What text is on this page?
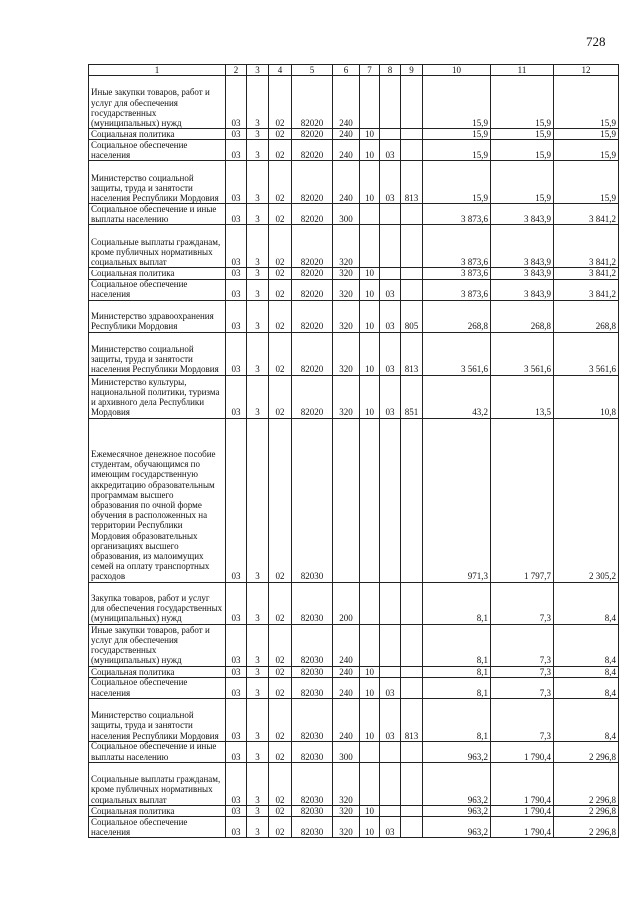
728
1	2	3	4	5	6	7	8	9	10	11	12

Иные закупки товаров, работ и услуг для обеспечения государственных (муниципальных) нужд	03	3	02	82020	240				15,9	15,9	15,9

Социальная политика	03	3	02	82020	240	10			15,9	15,9	15,9

Социальное обеспечение населения	03	3	02	82020	240	10	03		15,9	15,9	15,9

Министерство социальной защиты, труда и занятости населения Республики Мордовия	03	3	02	82020	240	10	03	813	15,9	15,9	15,9

Социальное обеспечение и иные выплаты населению	03	3	02	82020	300				3 873,6	3 843,9	3 841,2

Социальные выплаты гражданам, кроме публичных нормативных социальных выплат	03	3	02	82020	320				3 873,6	3 843,9	3 841,2

Социальная политика	03	3	02	82020	320	10			3 873,6	3 843,9	3 841,2

Социальное обеспечение населения	03	3	02	82020	320	10	03		3 873,6	3 843,9	3 841,2

Министерство здравоохранения Республики Мордовия	03	3	02	82020	320	10	03	805	268,8	268,8	268,8

Министерство социальной защиты, труда и занятости населения Республики Мордовия	03	3	02	82020	320	10	03	813	3 561,6	3 561,6	3 561,6

Министерство культуры, национальной политики, туризма и архивного дела Республики Мордовия	03	3	02	82020	320	10	03	851	43,2	13,5	10,8

Ежемесячное денежное пособие студентам, обучающимся по имеющим государственную аккредитацию образовательным программам высшего образования по очной форме обучения в расположенных на территории Республики Мордовия образовательных организациях высшего образования, из малоимущих семей на оплату транспортных расходов	03	3	02	82030					971,3	1 797,7	2 305,2

Закупка товаров, работ и услуг для обеспечения государственных (муниципальных) нужд	03	3	02	82030	200				8,1	7,3	8,4

Иные закупки товаров, работ и услуг для обеспечения государственных (муниципальных) нужд	03	3	02	82030	240				8,1	7,3	8,4

Социальная политика	03	3	02	82030	240	10			8,1	7,3	8,4

Социальное обеспечение населения	03	3	02	82030	240	10	03		8,1	7,3	8,4

Министерство социальной защиты, труда и занятости населения Республики Мордовия	03	3	02	82030	240	10	03	813	8,1	7,3	8,4

Социальное обеспечение и иные выплаты населению	03	3	02	82030	300				963,2	1 790,4	2 296,8

Социальные выплаты гражданам, кроме публичных нормативных социальных выплат	03	3	02	82030	320				963,2	1 790,4	2 296,8

Социальная политика	03	3	02	82030	320	10			963,2	1 790,4	2 296,8

Социальное обеспечение населения	03	3	02	82030	320	10	03		963,2	1 790,4	2 296,8
